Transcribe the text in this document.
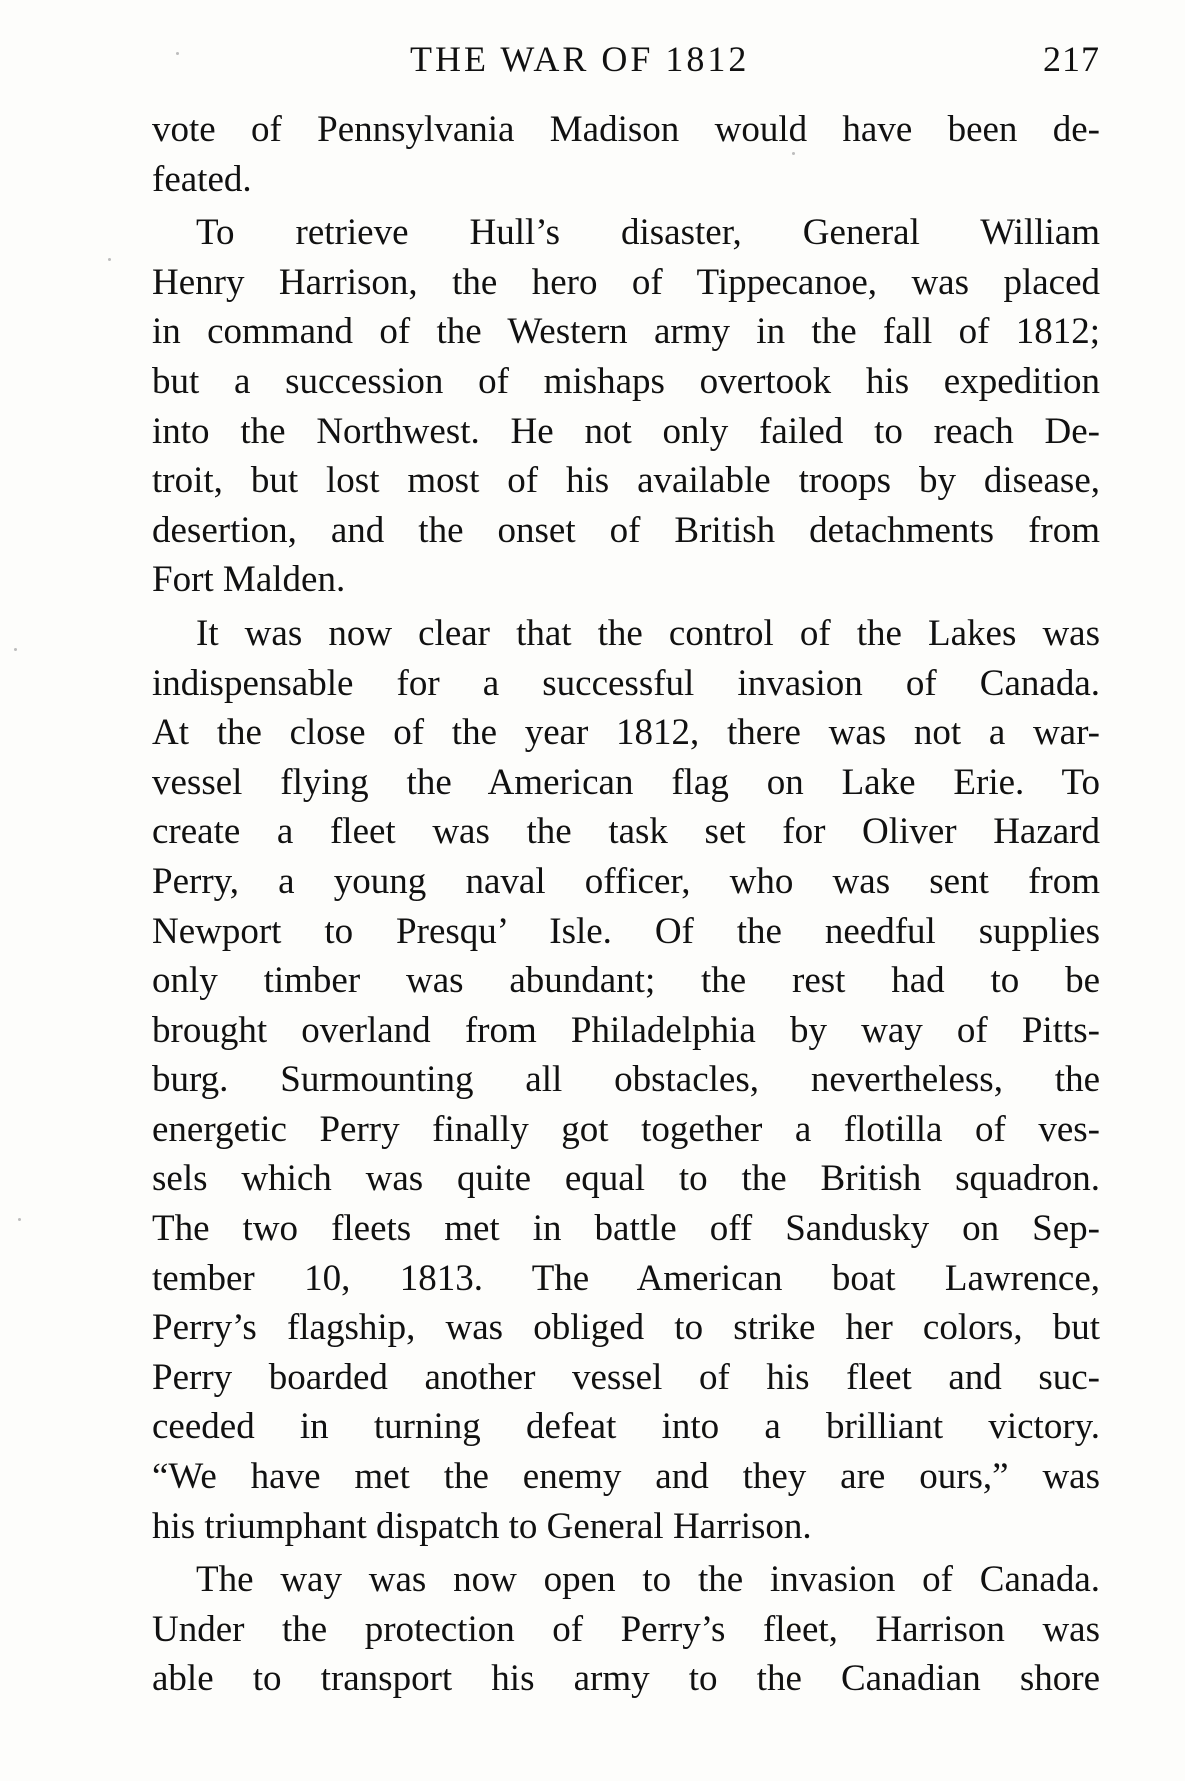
THE WAR OF 1812	217
vote of Pennsylvania Madison would have been de-
feated.
To retrieve Hull’s disaster, General William
Henry Harrison, the hero of Tippecanoe, was placed
in command of the Western army in the fall of 1812;
but a succession of mishaps overtook his expedition
into the Northwest. He not only failed to reach De-
troit, but lost most of his available troops by disease,
desertion, and the onset of British detachments from
Fort Malden.
It was now clear that the control of the Lakes was
indispensable for a successful invasion of Canada.
At the close of the year 1812, there was not a war-
vessel flying the American flag on Lake Erie. To
create a fleet was the task set for Oliver Hazard
Perry, a young naval officer, who was sent from
Newport to Presqu’ Isle. Of the needful supplies
only timber was abundant; the rest had to be
brought overland from Philadelphia by way of Pitts-
burg. Surmounting all obstacles, nevertheless, the
energetic Perry finally got together a flotilla of ves-
sels which was quite equal to the British squadron.
The two fleets met in battle off Sandusky on Sep-
tember 10, 1813. The American boat Lawrence,
Perry’s flagship, was obliged to strike her colors, but
Perry boarded another vessel of his fleet and suc-
ceeded in turning defeat into a brilliant victory.
“We have met the enemy and they are ours,” was
his triumphant dispatch to General Harrison.
The way was now open to the invasion of Canada.
Under the protection of Perry’s fleet, Harrison was
able to transport his army to the Canadian shore
